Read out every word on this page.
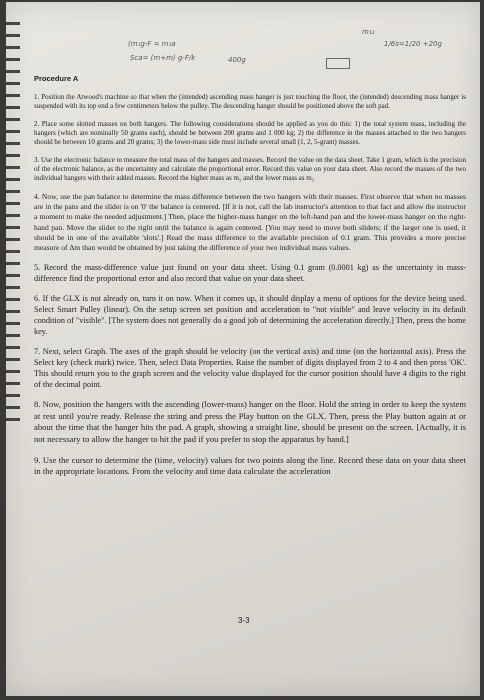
(m₁g-F = m₁a
Sca= (m+m) g-F/k	400g
m₁₂
1/6s=1/20 +20g
Procedure A

1. Position the Atwood's machine so that when the (intended) ascending mass hanger is just touching the floor, the (intended) descending mass hanger is suspended with its top end a few centimeters below the pulley. The descending hanger should be positioned above the soft pad.

2. Place some slotted masses on both hangers. The following considerations should be applied as you do this: 1) the total system mass, including the hangers (which are nominally 50 grams each), should be between 200 grams and 1 000 kg; 2) the difference in the masses attached to the two hangers should be between 10 grams and 20 grams; 3) the lower-mass side must include several small (1, 2, 5-gram) masses.

3. Use the electronic balance to measure the total mass of the hangers and masses. Record the value on the data sheet. Take 1 gram, which is the precision of the electronic balance, as the uncertainty and calculate the proportional error. Record this value on your data sheet. Also record the masses of the two individual hangers with their added masses. Record the higher mass as m₁ and the lower mass as m₂

4. Now, use the pan balance to determine the mass difference between the two hangers with their masses. First observe that when no masses are in the pans and the slider is on '0' the balance is centered. [If it is not, call the lab instructor's attention to that fact and allow the instructor a moment to make the needed adjustment.] Then, place the higher-mass hanger on the left-hand pan and the lower-mass hanger on the right-hand pan. Move the slider to the right until the balance is again centered. [You may need to move both sliders; if the larger one is used, it should be in one of the available 'slots'.] Read the mass difference to the available precision of 0.1 gram. This provides a more precise measure of Δm than would be obtained by just taking the difference of your two individual mass values.

5. Record the mass-difference value just found on your data sheet. Using 0.1 gram (0.0001 kg) as the uncertainty in mass-difference find the proportional error and also record that value on your data sheet.

6. If the GLX is not already on, turn it on now. When it comes up, it should display a menu of options for the device being used. Select Smart Pulley (linear). On the setup screen set position and acceleration to "not visible" and leave velocity in its default condition of "visible". [The system does not generally do a good job of determining the acceleration directly.] Then, press the home key.

7. Next, select Graph. The axes of the graph should be velocity (on the vertical axis) and time (on the horizontal axis). Press the Select key (check mark) twice. Then, select Data Properties. Raise the number of digits displayed from 2 to 4 and then press 'OK'. This should return you to the graph screen and the velocity value displayed for the cursor position should have 4 digits to the right of the decimal point.

8. Now, position the hangers with the ascending (lower-mass) hanger on the floor. Hold the string in order to keep the system at rest until you're ready. Release the string and press the Play button on the GLX. Then, press the Play button again at or about the time that the hanger hits the pad. A graph, showing a straight line, should be present on the screen. [Actually, it is not necessary to allow the hanger to hit the pad if you prefer to stop the apparatus by hand.]

9. Use the cursor to determine the (time, velocity) values for two points along the line. Record these data on your data sheet in the appropriate locations. From the velocity and time data calculate the acceleration

3-3
